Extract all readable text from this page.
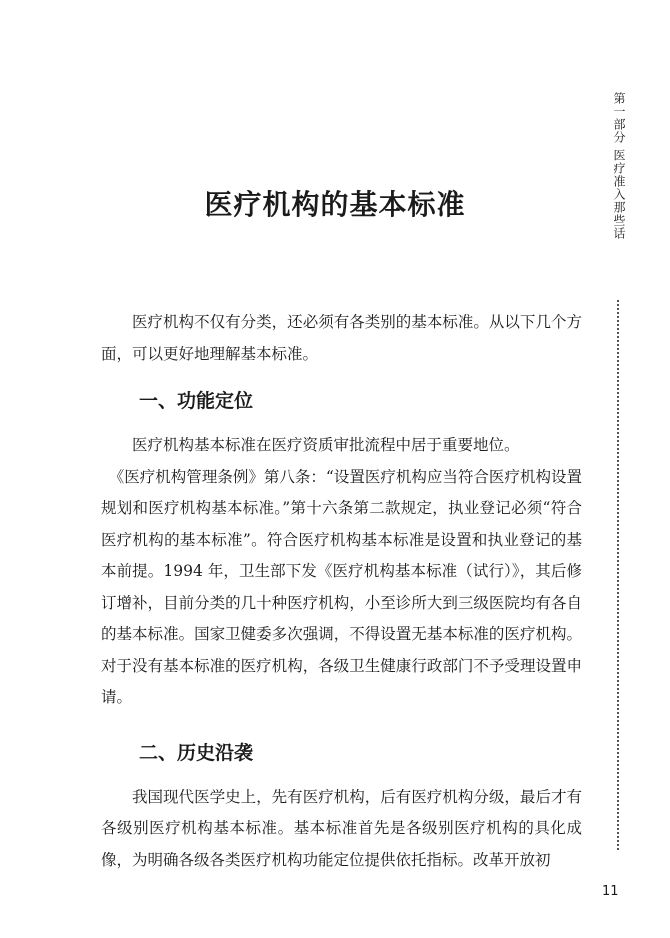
第一部分 医疗准入那些话
医疗机构的基本标准

医疗机构不仅有分类，还必须有各类别的基本标准。从以下几个方面，可以更好地理解基本标准。

一、功能定位

医疗机构基本标准在医疗资质审批流程中居于重要地位。

《医疗机构管理条例》第八条：“设置医疗机构应当符合医疗机构设置规划和医疗机构基本标准。”第十六条第二款规定，执业登记必须“符合医疗机构的基本标准”。符合医疗机构基本标准是设置和执业登记的基本前提。1994 年，卫生部下发《医疗机构基本标准（试行）》，其后修订增补，目前分类的几十种医疗机构，小至诊所大到三级医院均有各自的基本标准。国家卫健委多次强调，不得设置无基本标准的医疗机构。对于没有基本标准的医疗机构，各级卫生健康行政部门不予受理设置申请。

二、历史沿袭

我国现代医学史上，先有医疗机构，后有医疗机构分级，最后才有各级别医疗机构基本标准。基本标准首先是各级别医疗机构的具化成像，为明确各级各类医疗机构功能定位提供依托指标。改革开放初

11
